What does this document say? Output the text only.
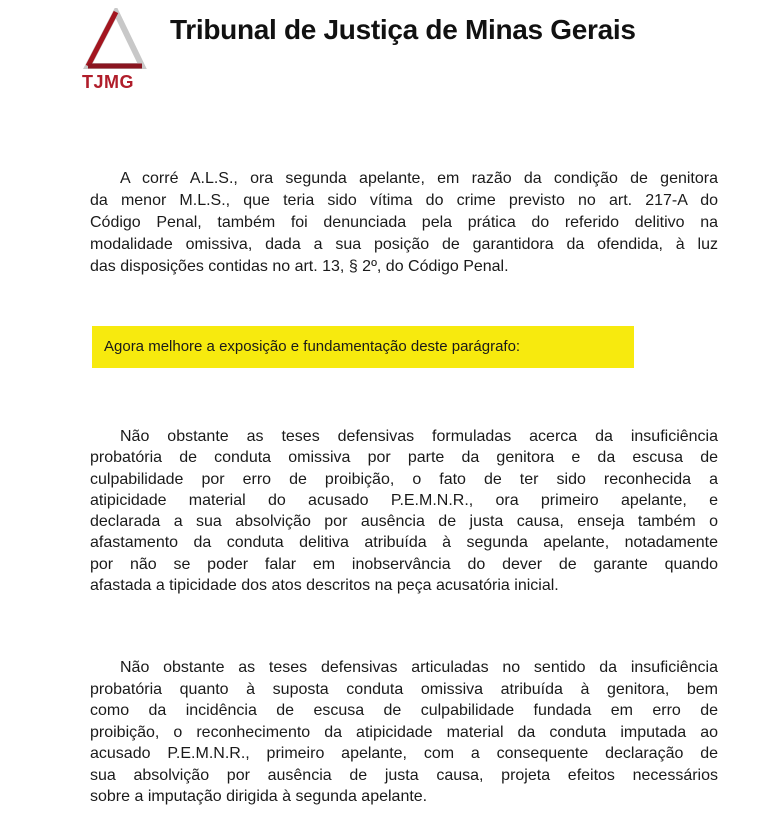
TJMG
Tribunal de Justiça de Minas Gerais
A corré A.L.S., ora segunda apelante, em razão da condição de genitora
da menor M.L.S., que teria sido vítima do crime previsto no art. 217-A do
Código Penal, também foi denunciada pela prática do referido delitivo na
modalidade omissiva, dada a sua posição de garantidora da ofendida, à luz
das disposições contidas no art. 13, § 2º, do Código Penal.
Agora melhore a exposição e fundamentação deste parágrafo:
Não obstante as teses defensivas formuladas acerca da insuficiência
probatória de conduta omissiva por parte da genitora e da escusa de
culpabilidade por erro de proibição, o fato de ter sido reconhecida a
atipicidade material do acusado P.E.M.N.R., ora primeiro apelante, e
declarada a sua absolvição por ausência de justa causa, enseja também o
afastamento da conduta delitiva atribuída à segunda apelante, notadamente
por não se poder falar em inobservância do dever de garante quando
afastada a tipicidade dos atos descritos na peça acusatória inicial.
Não obstante as teses defensivas articuladas no sentido da insuficiência
probatória quanto à suposta conduta omissiva atribuída à genitora, bem
como da incidência de escusa de culpabilidade fundada em erro de
proibição, o reconhecimento da atipicidade material da conduta imputada ao
acusado P.E.M.N.R., primeiro apelante, com a consequente declaração de
sua absolvição por ausência de justa causa, projeta efeitos necessários
sobre a imputação dirigida à segunda apelante.
